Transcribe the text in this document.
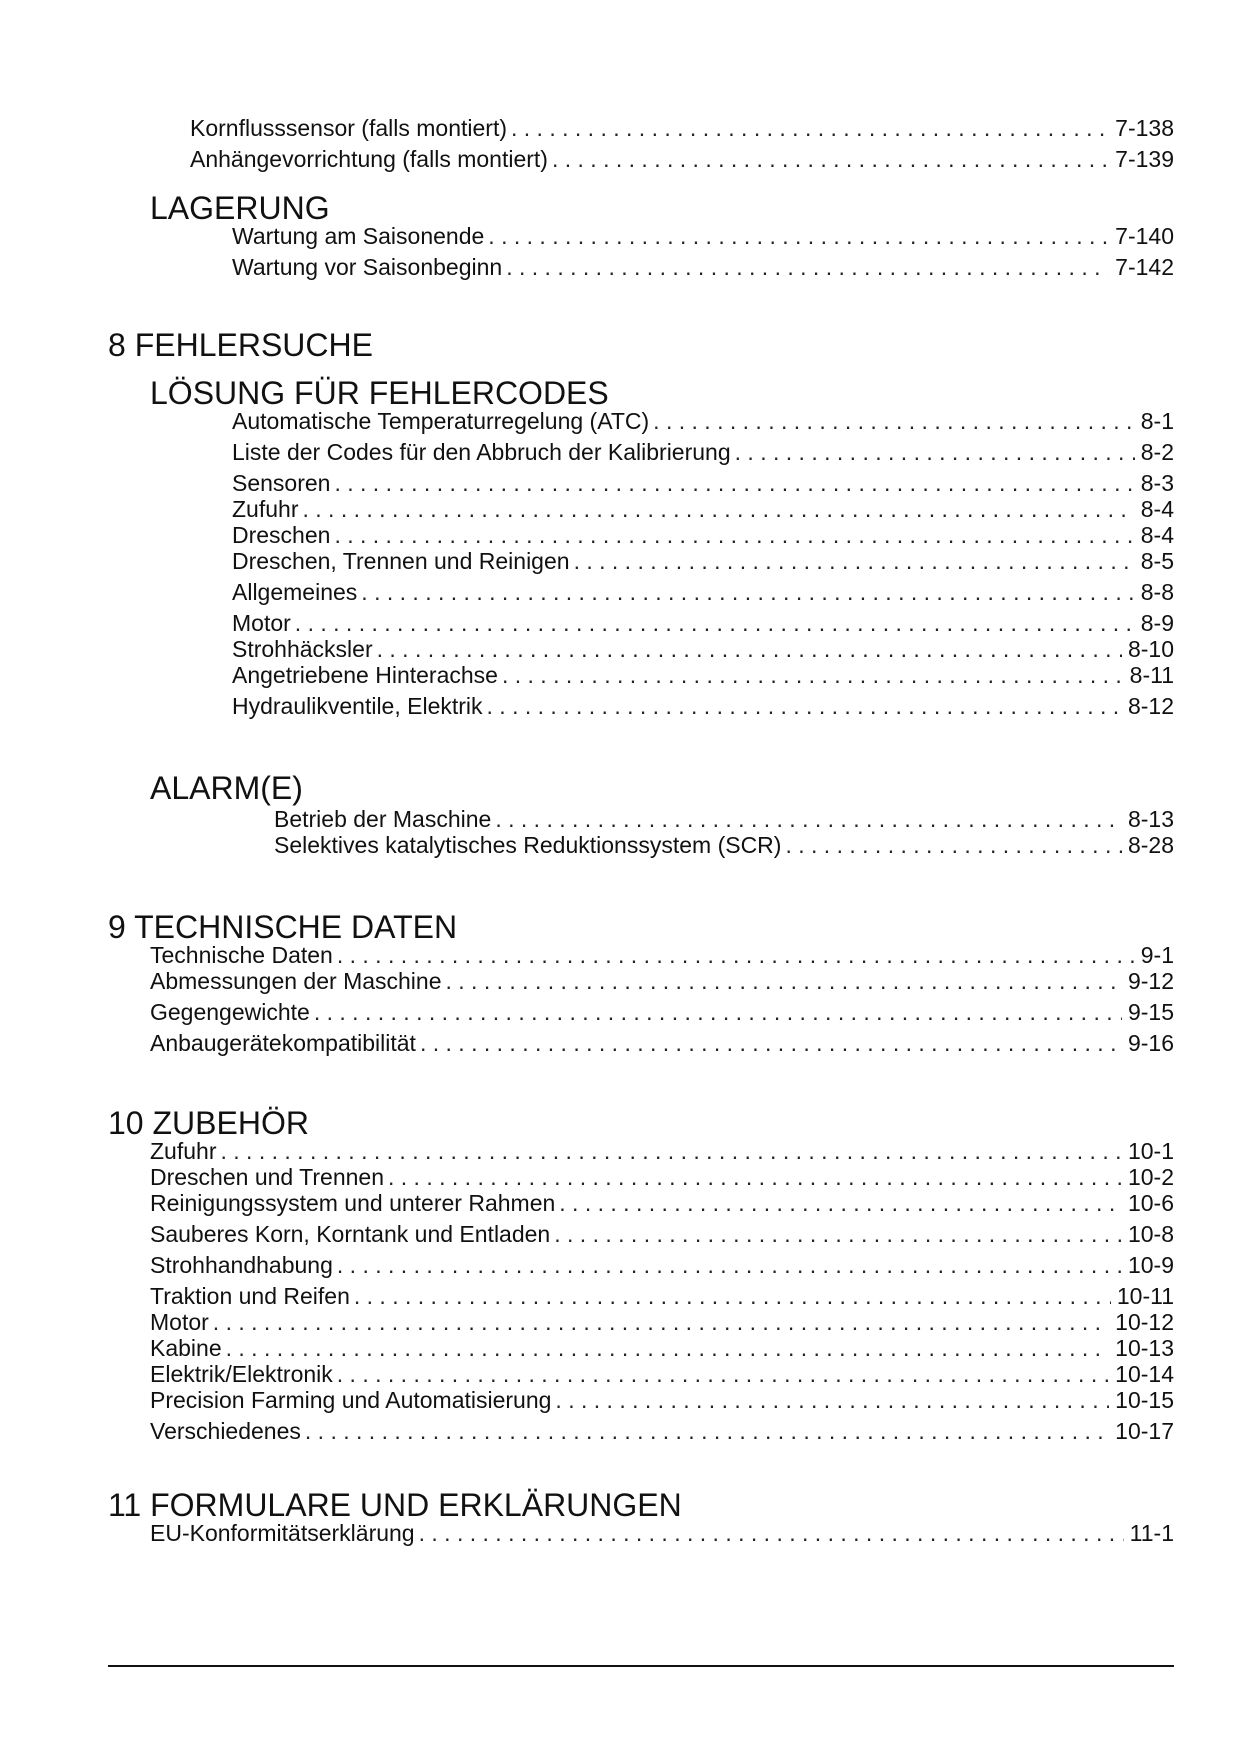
Kornflusssensor (falls montiert) . . .	7-138
Anhängevorrichtung (falls montiert) . . .	7-139
LAGERUNG
Wartung am Saisonende . . .	7-140
Wartung vor Saisonbeginn . . .	7-142
8 FEHLERSUCHE
LÖSUNG FÜR FEHLERCODES
Automatische Temperaturregelung (ATC) . . .	8-1
Liste der Codes für den Abbruch der Kalibrierung . . .	8-2
Sensoren . . .	8-3
Zufuhr . . .	8-4
Dreschen . . .	8-4
Dreschen, Trennen und Reinigen . . .	8-5
Allgemeines . . .	8-8
Motor . . .	8-9
Strohhäcksler . . .	8-10
Angetriebene Hinterachse . . .	8-11
Hydraulikventile, Elektrik . . .	8-12
ALARM(E)
Betrieb der Maschine . . .	8-13
Selektives katalytisches Reduktionssystem (SCR) . . .	8-28
9 TECHNISCHE DATEN
Technische Daten . . .	9-1
Abmessungen der Maschine . . .	9-12
Gegengewichte . . .	9-15
Anbaugerätekompatibilität . . .	9-16
10 ZUBEHÖR
Zufuhr . . .	10-1
Dreschen und Trennen . . .	10-2
Reinigungssystem und unterer Rahmen . . .	10-6
Sauberes Korn, Korntank und Entladen . . .	10-8
Strohhandhabung . . .	10-9
Traktion und Reifen . . .	10-11
Motor . . .	10-12
Kabine . . .	10-13
Elektrik/Elektronik . . .	10-14
Precision Farming und Automatisierung . . .	10-15
Verschiedenes . . .	10-17
11 FORMULARE UND ERKLÄRUNGEN
EU-Konformitätserklärung . . .	11-1
